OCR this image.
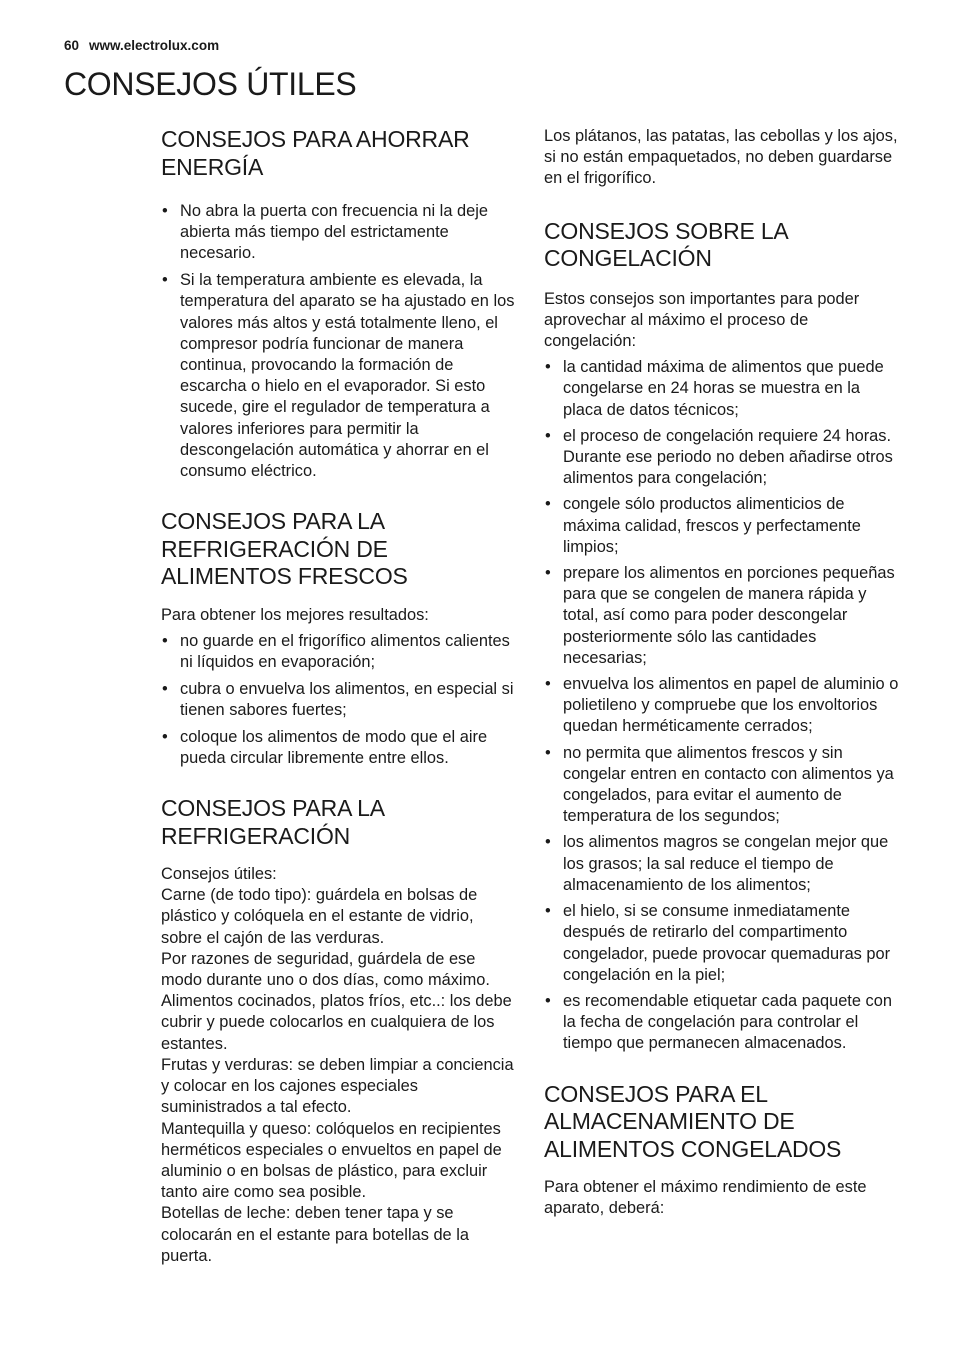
60 www.electrolux.com
CONSEJOS ÚTILES
CONSEJOS PARA AHORRAR ENERGÍA
• No abra la puerta con frecuencia ni la deje abierta más tiempo del estrictamente necesario.
• Si la temperatura ambiente es elevada, la temperatura del aparato se ha ajustado en los valores más altos y está totalmente lleno, el compresor podría funcionar de manera continua, provocando la formación de escarcha o hielo en el evaporador. Si esto sucede, gire el regulador de temperatura a valores inferiores para permitir la descongelación automática y ahorrar en el consumo eléctrico.
CONSEJOS PARA LA REFRIGERACIÓN DE ALIMENTOS FRESCOS

Para obtener los mejores resultados:

• no guarde en el frigorífico alimentos calientes ni líquidos en evaporación;
• cubra o envuelva los alimentos, en especial si tienen sabores fuertes;
• coloque los alimentos de modo que el aire pueda circular libremente entre ellos.
CONSEJOS PARA LA REFRIGERACIÓN

Consejos útiles:

Carne (de todo tipo): guárdela en bolsas de plástico y colóquela en el estante de vidrio, sobre el cajón de las verduras.

Por razones de seguridad, guárdela de ese modo durante uno o dos días, como máximo.

Alimentos cocinados, platos fríos, etc..: los debe cubrir y puede colocarlos en cualquiera de los estantes.

Frutas y verduras: se deben limpiar a conciencia y colocar en los cajones especiales suministrados a tal efecto.

Mantequilla y queso: colóquelos en recipientes herméticos especiales o envueltos en papel de aluminio o en bolsas de plástico, para excluir tanto aire como sea posible.

Botellas de leche: deben tener tapa y se colocarán en el estante para botellas de la puerta.

Los plátanos, las patatas, las cebollas y los ajos, si no están empaquetados, no deben guardarse en el frigorífico.

CONSEJOS SOBRE LA CONGELACIÓN

Estos consejos son importantes para poder aprovechar al máximo el proceso de congelación:

• la cantidad máxima de alimentos que puede congelarse en 24 horas se muestra en la placa de datos técnicos;
• el proceso de congelación requiere 24 horas. Durante ese periodo no deben añadirse otros alimentos para congelación;
• congele sólo productos alimenticios de máxima calidad, frescos y perfectamente limpios;
• prepare los alimentos en porciones pequeñas para que se congelen de manera rápida y total, así como para poder descongelar posteriormente sólo las cantidades necesarias;
• envuelva los alimentos en papel de aluminio o polietileno y compruebe que los envoltorios quedan herméticamente cerrados;
• no permita que alimentos frescos y sin congelar entren en contacto con alimentos ya congelados, para evitar el aumento de temperatura de los segundos;
• los alimentos magros se congelan mejor que los grasos; la sal reduce el tiempo de almacenamiento de los alimentos;
• el hielo, si se consume inmediatamente después de retirarlo del compartimento congelador, puede provocar quemaduras por congelación en la piel;
• es recomendable etiquetar cada paquete con la fecha de congelación para controlar el tiempo que permanecen almacenados.
CONSEJOS PARA EL ALMACENAMIENTO DE ALIMENTOS CONGELADOS

Para obtener el máximo rendimiento de este aparato, deberá:
